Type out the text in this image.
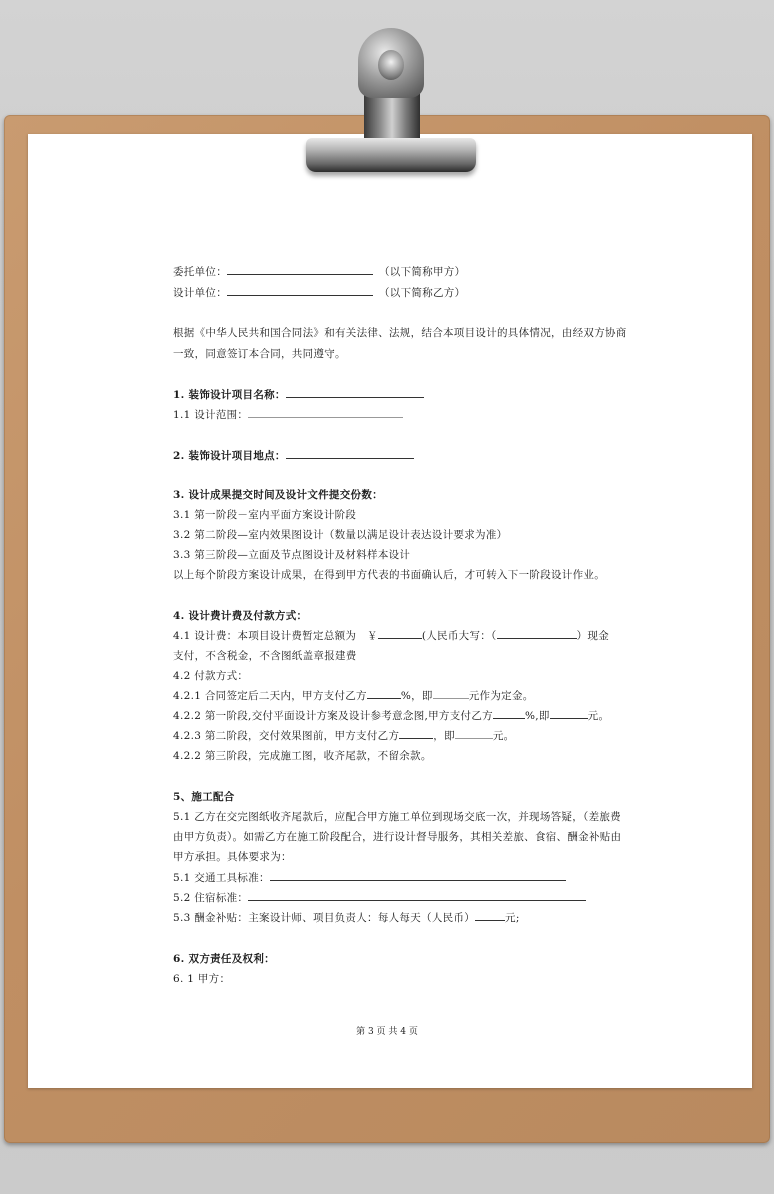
委托单位：	（以下简称甲方）
设计单位：	（以下简称乙方）
根据《中华人民共和国合同法》和有关法律、法规，结合本项目设计的具体情况，由经双方协商
一致，同意签订本合同，共同遵守。
1. 装饰设计项目名称：
1.1 设计范围：
2. 装饰设计项目地点：
3. 设计成果提交时间及设计文件提交份数：
3.1 第一阶段－室内平面方案设计阶段
3.2 第二阶段—室内效果图设计（数量以满足设计表达设计要求为准）
3.3 第三阶段—立面及节点图设计及材料样本设计
以上每个阶段方案设计成果，在得到甲方代表的书面确认后，才可转入下一阶段设计作业。
4. 设计费计费及付款方式：
4.1 设计费：本项目设计费暂定总额为　￥	(人民币大写：（	）现金
支付，不含税金，不含图纸盖章报建费
4.2 付款方式：
4.2.1 合同签定后二天内，甲方支付乙方	%，即	元作为定金。
4.2.2 第一阶段,交付平面设计方案及设计参考意念图,甲方支付乙方	%,即	元。
4.2.3 第二阶段，交付效果图前，甲方支付乙方	，即	元。
4.2.2 第三阶段，完成施工图，收齐尾款，不留余款。
5、施工配合
5.1 乙方在交完图纸收齐尾款后，应配合甲方施工单位到现场交底一次，并现场答疑，（差旅费
由甲方负责）。如需乙方在施工阶段配合，进行设计督导服务，其相关差旅、食宿、酬金补贴由
甲方承担。具体要求为：
5.1 交通工具标准：
5.2 住宿标准：
5.3 酬金补贴：主案设计师、项目负责人：每人每天（人民币）	元;
6. 双方责任及权利：
6. 1 甲方：
第 3 页 共 4 页
